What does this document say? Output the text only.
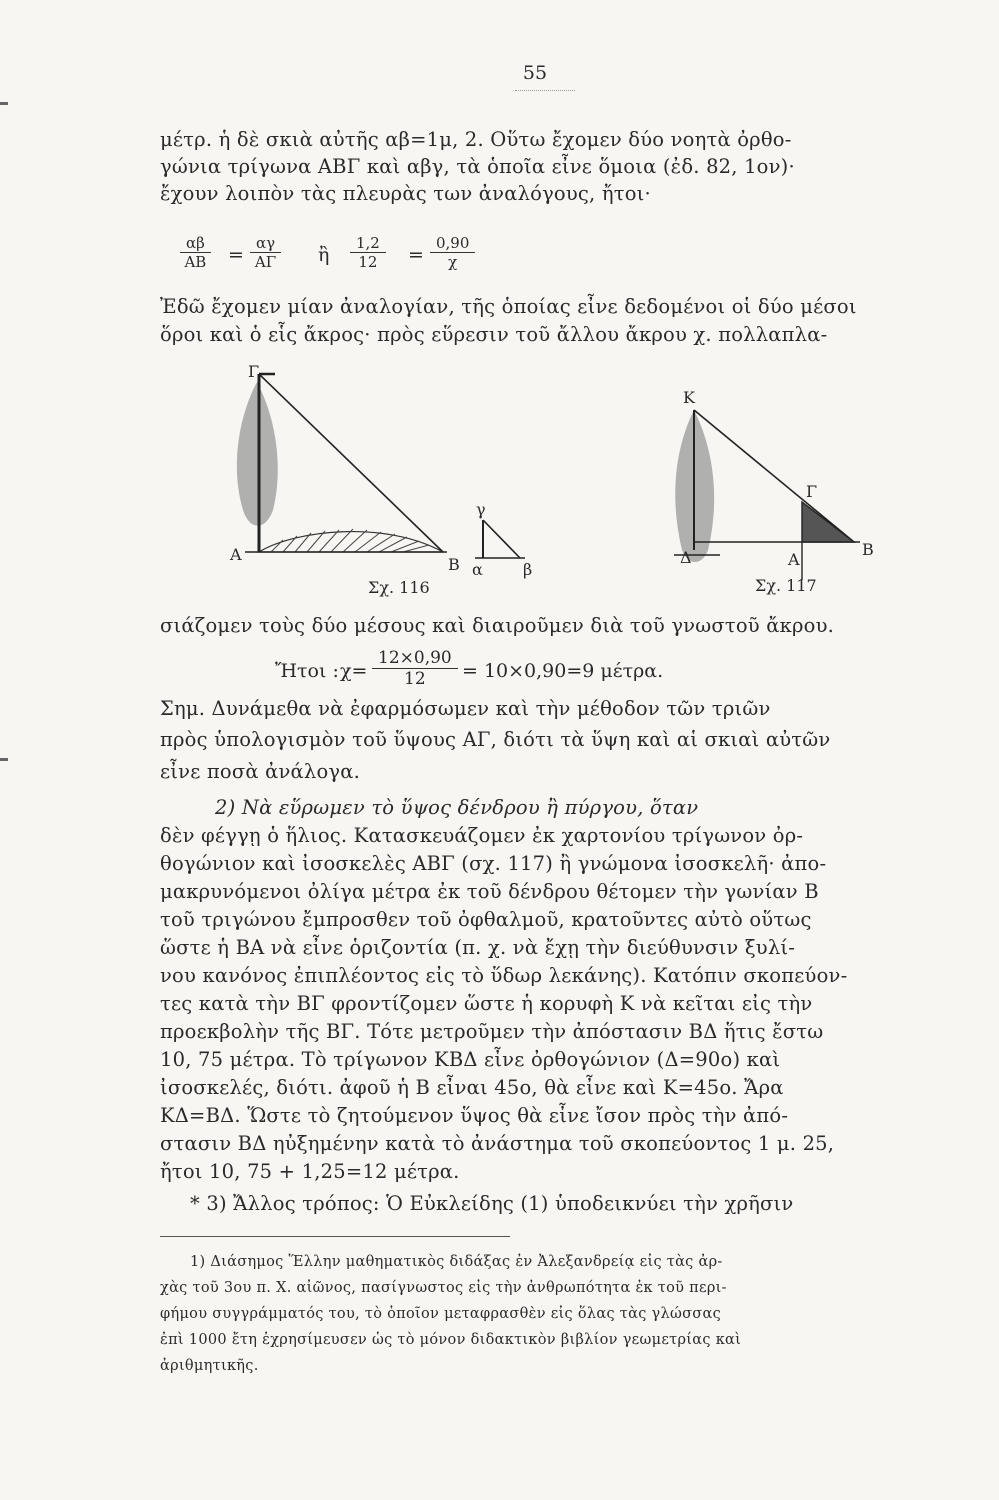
55
μέτρ. ἡ δὲ σκιὰ αὐτῆς αβ=1μ, 2. Οὕτω ἔχομεν δύο νοητὰ ὀρθο-
γώνια τρίγωνα ΑΒΓ καὶ αβγ, τὰ ὁποῖα εἶνε ὅμοια (ἐδ. 82, 1ον)·
ἔχουν λοιπὸν τὰς πλευρὰς των ἀναλόγους, ἤτοι·
$\frac{\alpha\beta}{AB} = \frac{\alpha\gamma}{A\Gamma}$ ἢ $\frac{1,2}{12} = \frac{0,90}{\chi}$
Ἐδῶ ἔχομεν μίαν ἀναλογίαν, τῆς ὁποίας εἶνε δεδομένοι οἱ δύο μέσοι
ὅροι καὶ ὁ εἷς ἄκρος· πρὸς εὕρεσιν τοῦ ἄλλου ἄκρου χ. πολλαπλα-
Γ
Α
Β
γ
α	β
Σχ. 116
Κ
Γ
Δ	Β
Α
Σχ. 117
σιάζομεν τοὺς δύο μέσους καὶ διαιροῦμεν διὰ τοῦ γνωστοῦ ἄκρου.
Ἤτοι : $\chi= \frac{12\times 0,90}{12} = 10\times 0,90=9$ μέτρα.
Σημ. Δυνάμεθα νὰ ἐφαρμόσωμεν καὶ τὴν μέθοδον τῶν τριῶν
πρὸς ὑπολογισμὸν τοῦ ὕψους ΑΓ, διότι τὰ ὕψη καὶ αἱ σκιαὶ αὐτῶν
εἶνε ποσὰ ἀνάλογα.
2) Νὰ εὕρωμεν τὸ ὕψος δένδρου ἢ πύργου, ὅταν
δὲν φέγγῃ ὁ ἥλιος. Κατασκευάζομεν ἐκ χαρτονίου τρίγωνον ὀρ-
θογώνιον καὶ ἰσοσκελὲς ΑΒΓ (σχ. 117) ἢ γνώμονα ἰσοσκελῆ· ἀπο-
μακρυνόμενοι ὀλίγα μέτρα ἐκ τοῦ δένδρου θέτομεν τὴν γωνίαν Β
τοῦ τριγώνου ἔμπροσθεν τοῦ ὀφθαλμοῦ, κρατοῦντες αὐτὸ οὕτως
ὥστε ἡ ΒΑ νὰ εἶνε ὁριζοντία (π. χ. νὰ ἔχῃ τὴν διεύθυνσιν ξυλί-
νου κανόνος ἐπιπλέοντος εἰς τὸ ὕδωρ λεκάνης). Κατόπιν σκοπεύον-
τες κατὰ τὴν ΒΓ φροντίζομεν ὥστε ἡ κορυφὴ Κ νὰ κεῖται εἰς τὴν
προεκβολὴν τῆς ΒΓ. Τότε μετροῦμεν τὴν ἀπόστασιν ΒΔ ἥτις ἔστω
10, 75 μέτρα. Τὸ τρίγωνον ΚΒΔ εἶνε ὀρθογώνιον (Δ=90ο) καὶ
ἰσοσκελές, διότι. ἀφοῦ ἡ Β εἶναι 45ο, θὰ εἶνε καὶ Κ=45ο. Ἄρα
ΚΔ=ΒΔ. Ὥστε τὸ ζητούμενον ὕψος θὰ εἶνε ἴσον πρὸς τὴν ἀπό-
στασιν ΒΔ ηὐξημένην κατὰ τὸ ἀνάστημα τοῦ σκοπεύοντος 1 μ. 25,
ἤτοι 10, 75 + 1,25=12 μέτρα.
* 3) Ἄλλος τρόπος: Ὁ Εὐκλείδης (1) ὑποδεικνύει τὴν χρῆσιν
1) Διάσημος Ἕλλην μαθηματικὸς διδάξας ἐν Ἀλεξανδρείᾳ εἰς τὰς ἀρ-
χὰς τοῦ 3ου π. Χ. αἰῶνος, πασίγνωστος εἰς τὴν ἀνθρωπότητα ἐκ τοῦ περι-
φήμου συγγράμματός του, τὸ ὁποῖον μεταφρασθὲν εἰς ὅλας τὰς γλώσσας
ἐπὶ 1000 ἔτη ἐχρησίμευσεν ὡς τὸ μόνον διδακτικὸν βιβλίον γεωμετρίας καὶ
ἀριθμητικῆς.
